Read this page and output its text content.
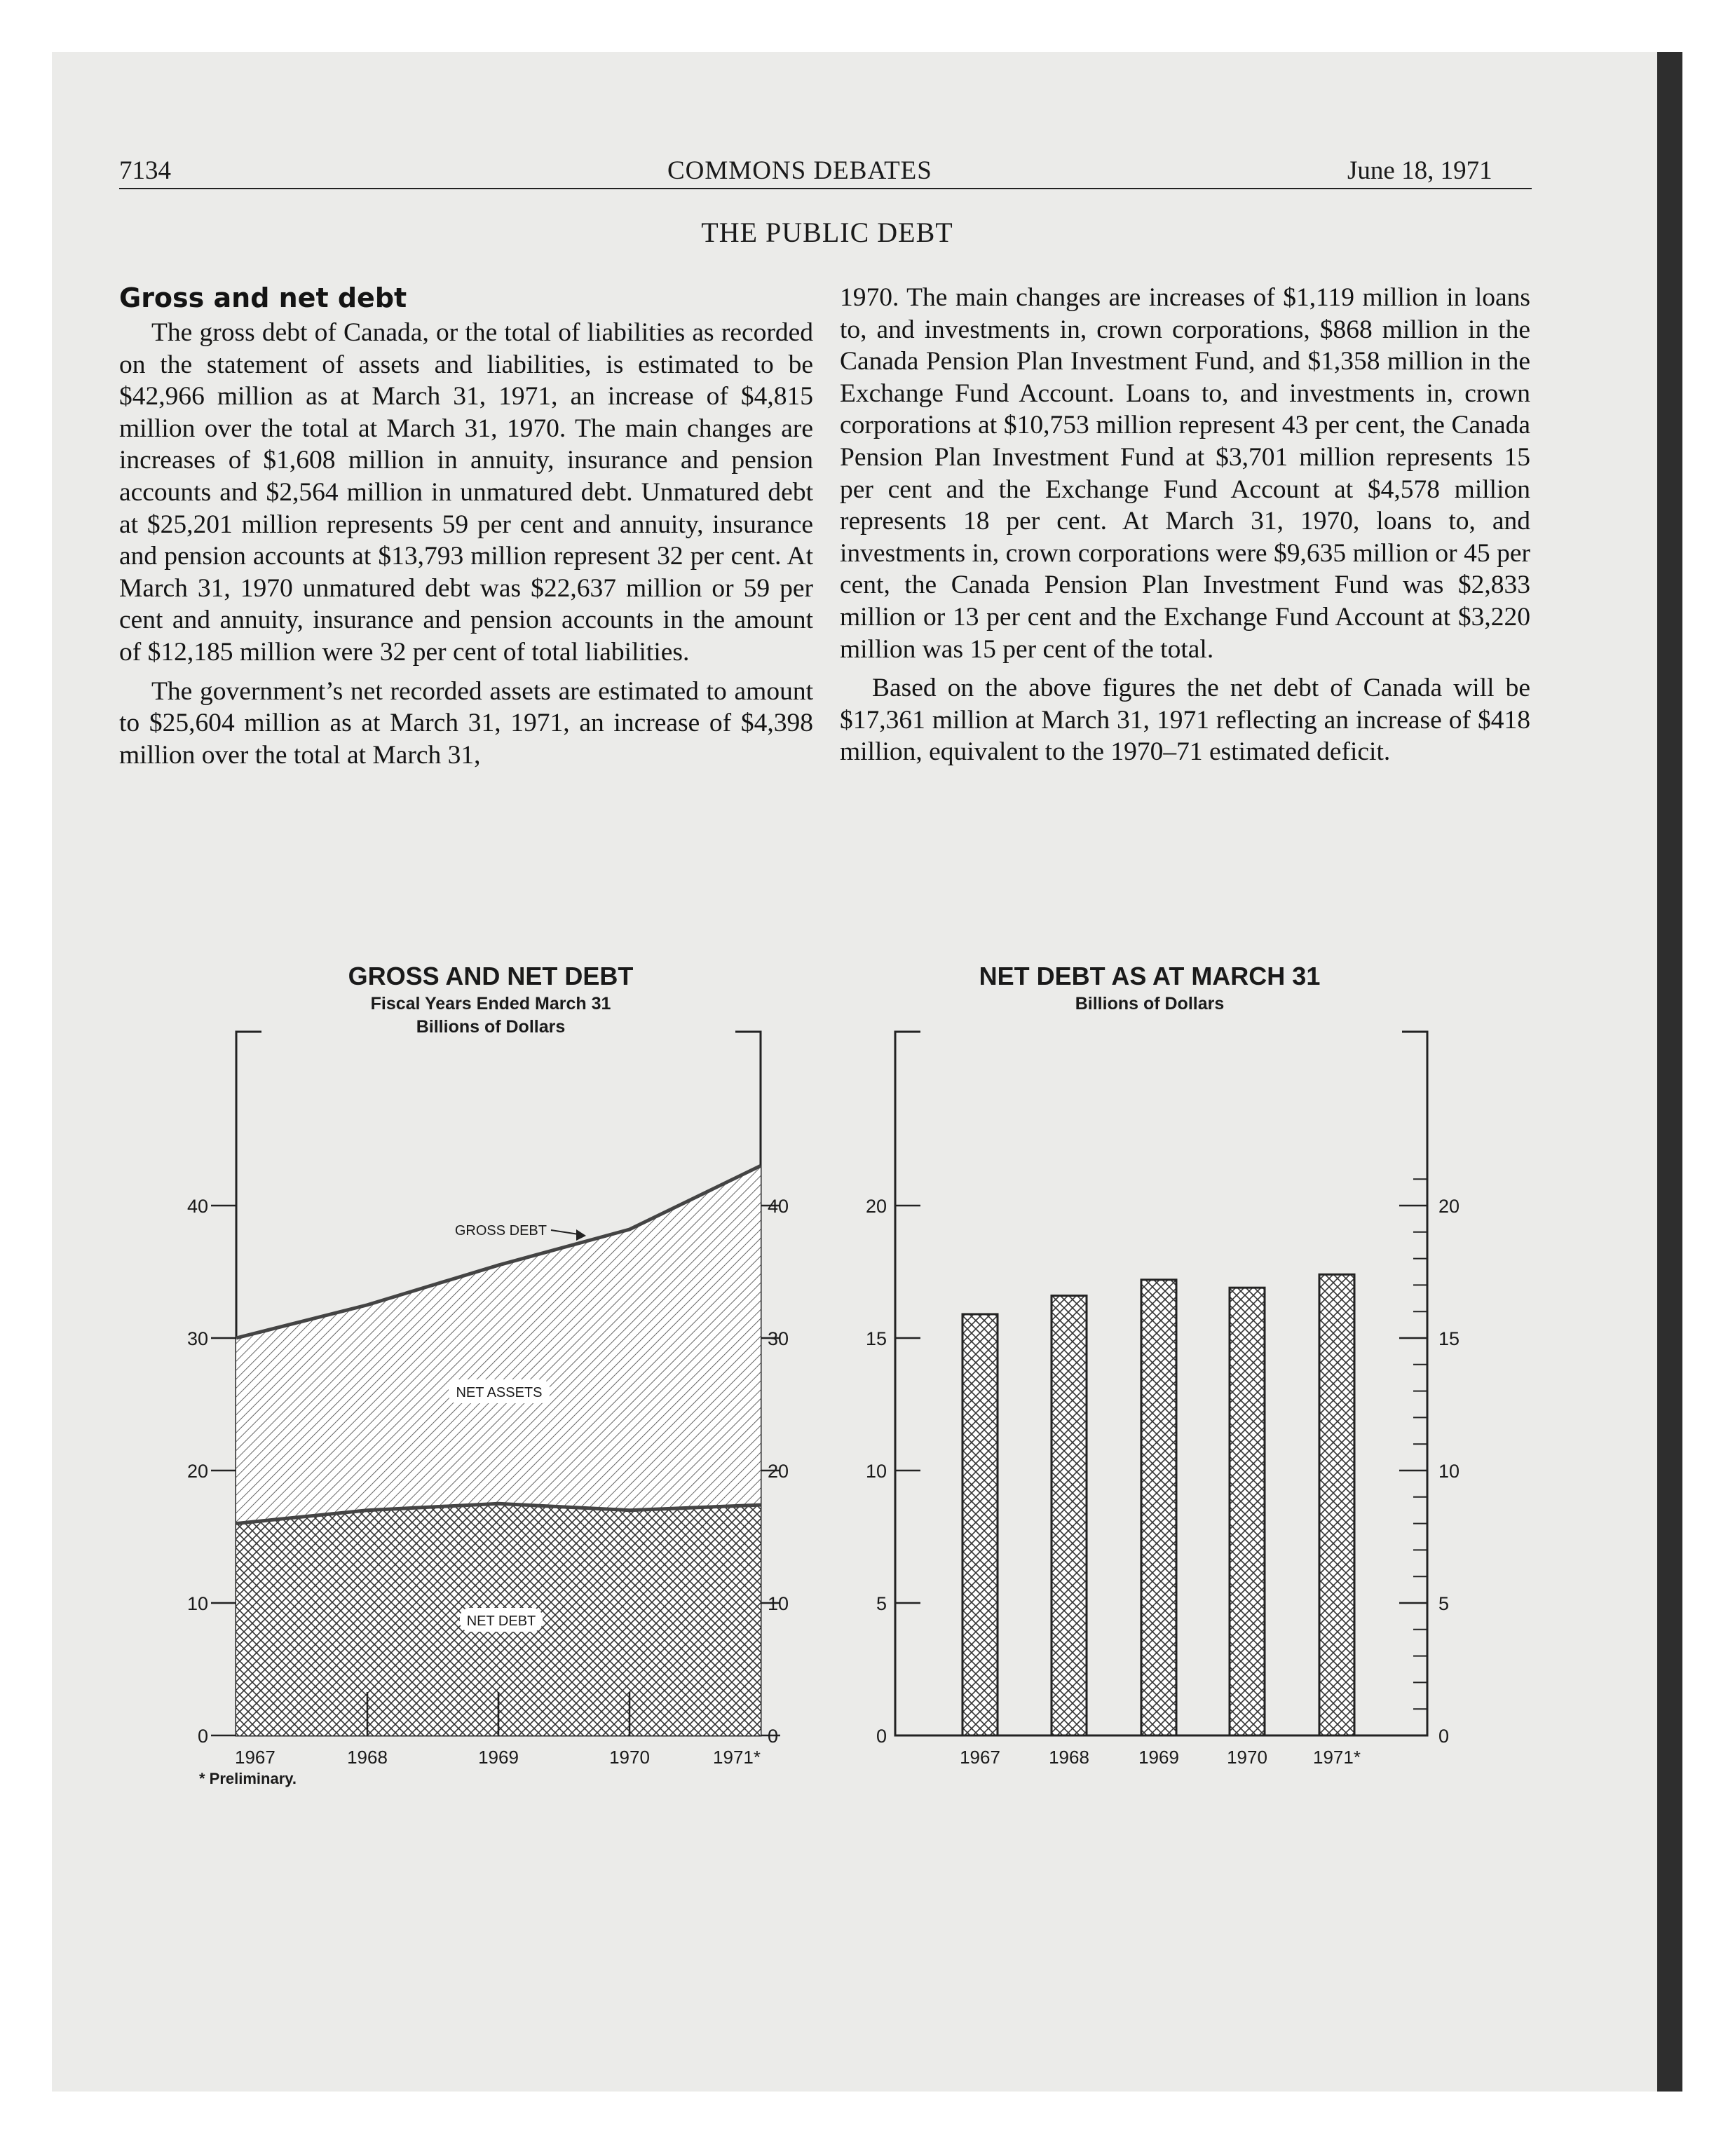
7134	COMMONS DEBATES	June 18, 1971
THE PUBLIC DEBT
Gross and net debt

The gross debt of Canada, or the total of liabilities as recorded on the statement of assets and liabilities, is estimated to be $42,966 million as at March 31, 1971, an increase of $4,815 million over the total at March 31, 1970. The main changes are increases of $1,608 million in annuity, insurance and pension accounts and $2,564 million in unmatured debt. Unmatured debt at $25,201 million represents 59 per cent and annuity, insurance and pension accounts at $13,793 million represent 32 per cent. At March 31, 1970 unmatured debt was $22,637 million or 59 per cent and annuity, insurance and pension accounts in the amount of $12,185 million were 32 per cent of total liabilities.

The government’s net recorded assets are estimated to amount to $25,604 million as at March 31, 1971, an increase of $4,398 million over the total at March 31,

1970. The main changes are increases of $1,119 million in loans to, and investments in, crown corporations, $868 million in the Canada Pension Plan Investment Fund, and $1,358 million in the Exchange Fund Account. Loans to, and investments in, crown corporations at $10,753 million represent 43 per cent, the Canada Pension Plan Investment Fund at $3,701 million represents 15 per cent and the Exchange Fund Account at $4,578 million represents 18 per cent. At March 31, 1970, loans to, and investments in, crown corporations were $9,635 million or 45 per cent, the Canada Pension Plan Investment Fund was $2,833 million or 13 per cent and the Exchange Fund Account at $3,220 million was 15 per cent of the total.

Based on the above figures the net debt of Canada will be $17,361 million at March 31, 1971 reflecting an increase of $418 million, equivalent to the 1970–71 estimated deficit.

GROSS AND NET DEBT
Fiscal Years Ended March 31
Billions of Dollars
NET DEBT AS AT MARCH 31
Billions of Dollars
0	0
10	10
20	20
30	30
40	40
1967	1968	1969	1970	1971*
NET ASSETS
NET DEBT
GROSS DEBT
0	0
5	5
10	10
15	15
20	20
1967	1968	1969	1970	1971*
* Preliminary.
